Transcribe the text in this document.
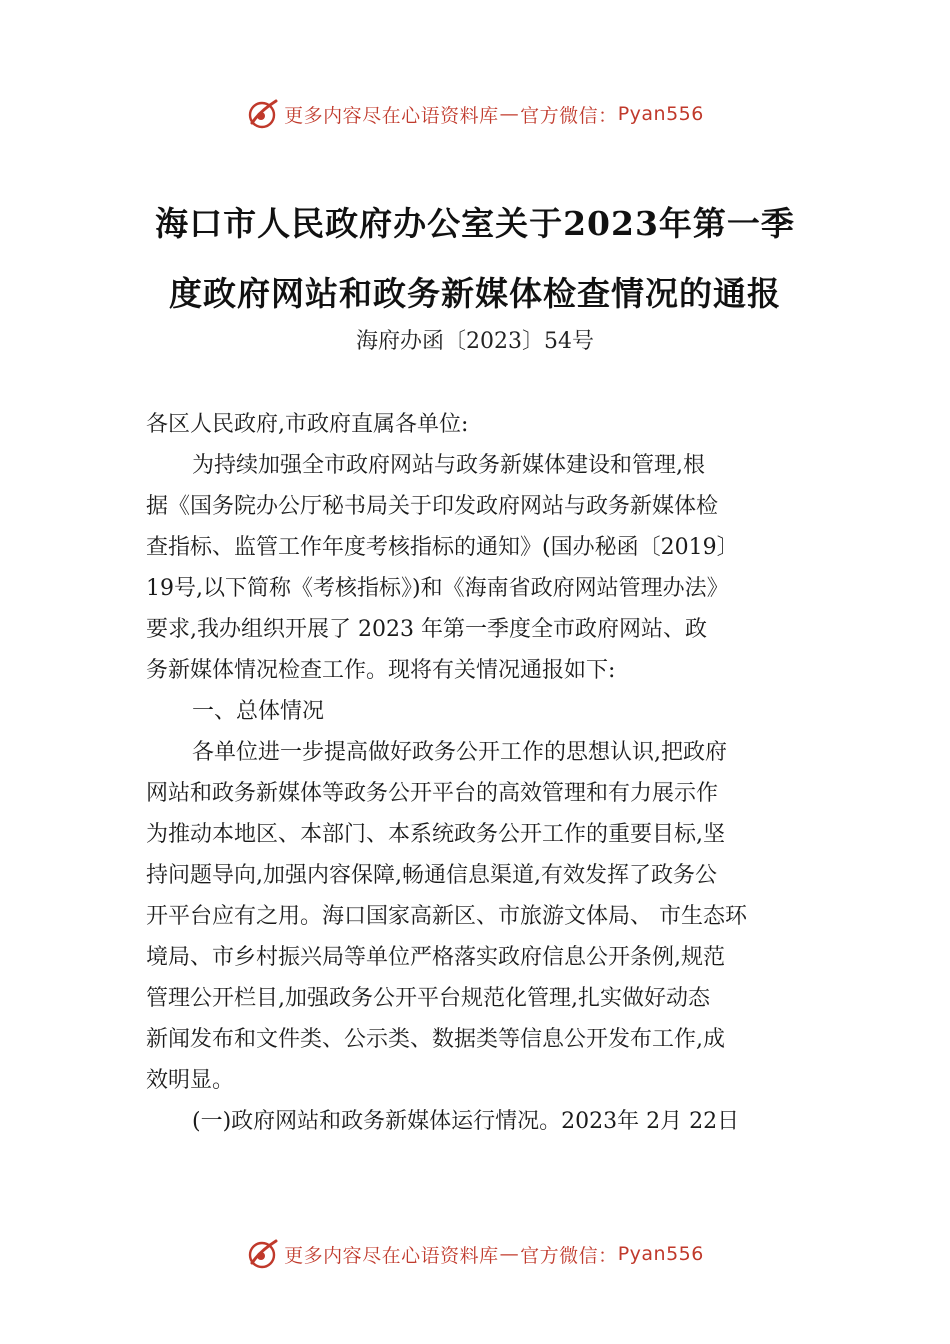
更多内容尽在心语资料库 — 官方微信： Pyan556
海口市人民政府办公室关于2023年第一季
度政府网站和政务新媒体检查情况的通报
海府办函〔2023〕54号
各区人民政府,市政府直属各单位:
为持续加强全市政府网站与政务新媒体建设和管理,根
据《国务院办公厅秘书局关于印发政府网站与政务新媒体检
查指标、监管工作年度考核指标的通知》(国办秘函〔2019〕
19号,以下简称《考核指标》)和《海南省政府网站管理办法》
要求,我办组织开展了 2023 年第一季度全市政府网站、政
务新媒体情况检查工作。现将有关情况通报如下:
一、总体情况
各单位进一步提高做好政务公开工作的思想认识,把政府
网站和政务新媒体等政务公开平台的高效管理和有力展示作
为推动本地区、本部门、本系统政务公开工作的重要目标,坚
持问题导向,加强内容保障,畅通信息渠道,有效发挥了政务公
开平台应有之用。海口国家高新区、市旅游文体局、 市生态环
境局、市乡村振兴局等单位严格落实政府信息公开条例,规范
管理公开栏目,加强政务公开平台规范化管理,扎实做好动态
新闻发布和文件类、公示类、数据类等信息公开发布工作,成
效明显。
(一)政府网站和政务新媒体运行情况。2023年 2月 22日
更多内容尽在心语资料库 — 官方微信： Pyan556
